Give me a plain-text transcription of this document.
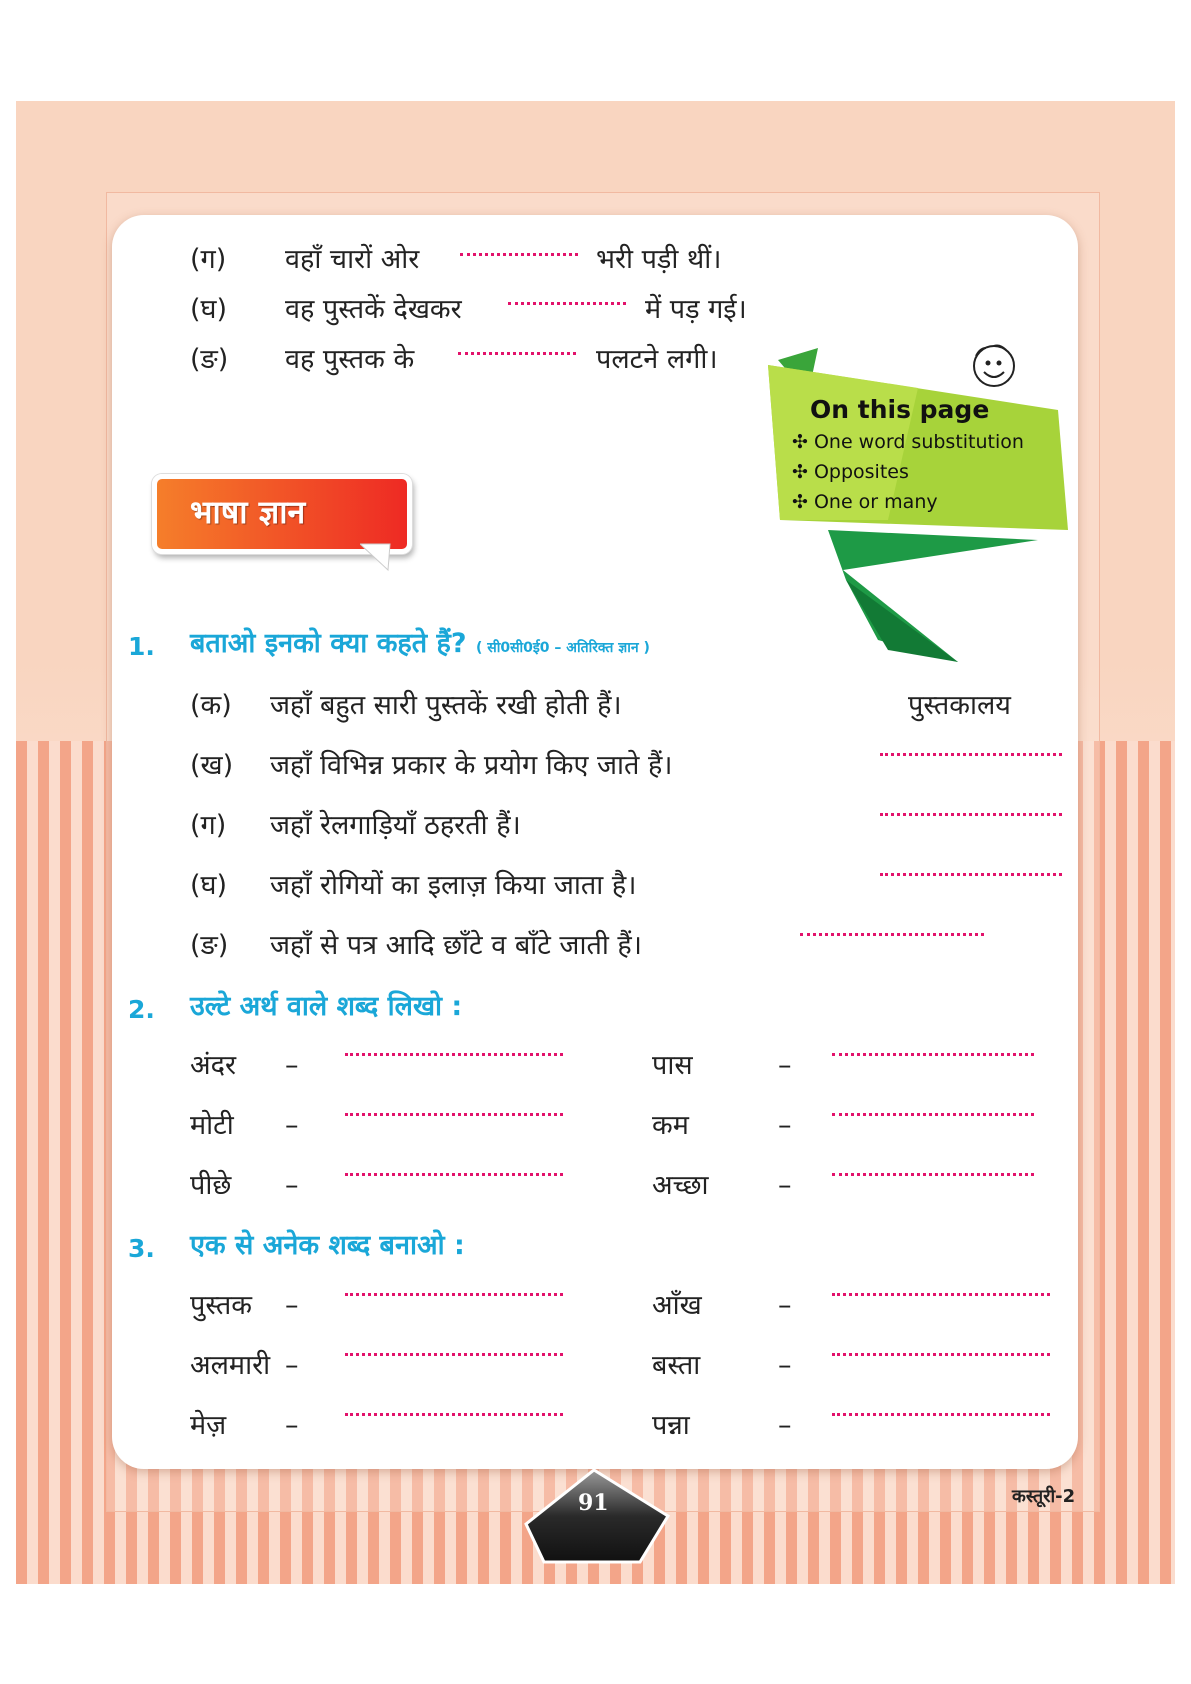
(ग) वहाँ चारों ओर	भरी पड़ी थीं।
(घ) वह पुस्तकें देखकर	में पड़ गई।
(ङ) वह पुस्तक के	पलटने लगी।
On this page
✣ One word substitution
✣ Opposites
✣ One or many
भाषा ज्ञान
1. बताओ इनको क्या कहते हैं? ( सी0सी0ई0 – अतिरिक्त ज्ञान )
(क) जहाँ बहुत सारी पुस्तकें रखी होती हैं।	पुस्तकालय
(ख) जहाँ विभिन्न प्रकार के प्रयोग किए जाते हैं।
(ग) जहाँ रेलगाड़ियाँ ठहरती हैं।
(घ) जहाँ रोगियों का इलाज़ किया जाता है।
(ङ) जहाँ से पत्र आदि छाँटे व बाँटे जाती हैं।
2. उल्टे अर्थ वाले शब्द लिखो :
अंदर –	पास	–
मोटी –	कम	–
पीछे –	अच्छा	–
3. एक से अनेक शब्द बनाओ :
पुस्तक –	आँख	–
अलमारी –	बस्ता	–
मेज़ –	पन्ना	–
91	कस्तूरी-2
